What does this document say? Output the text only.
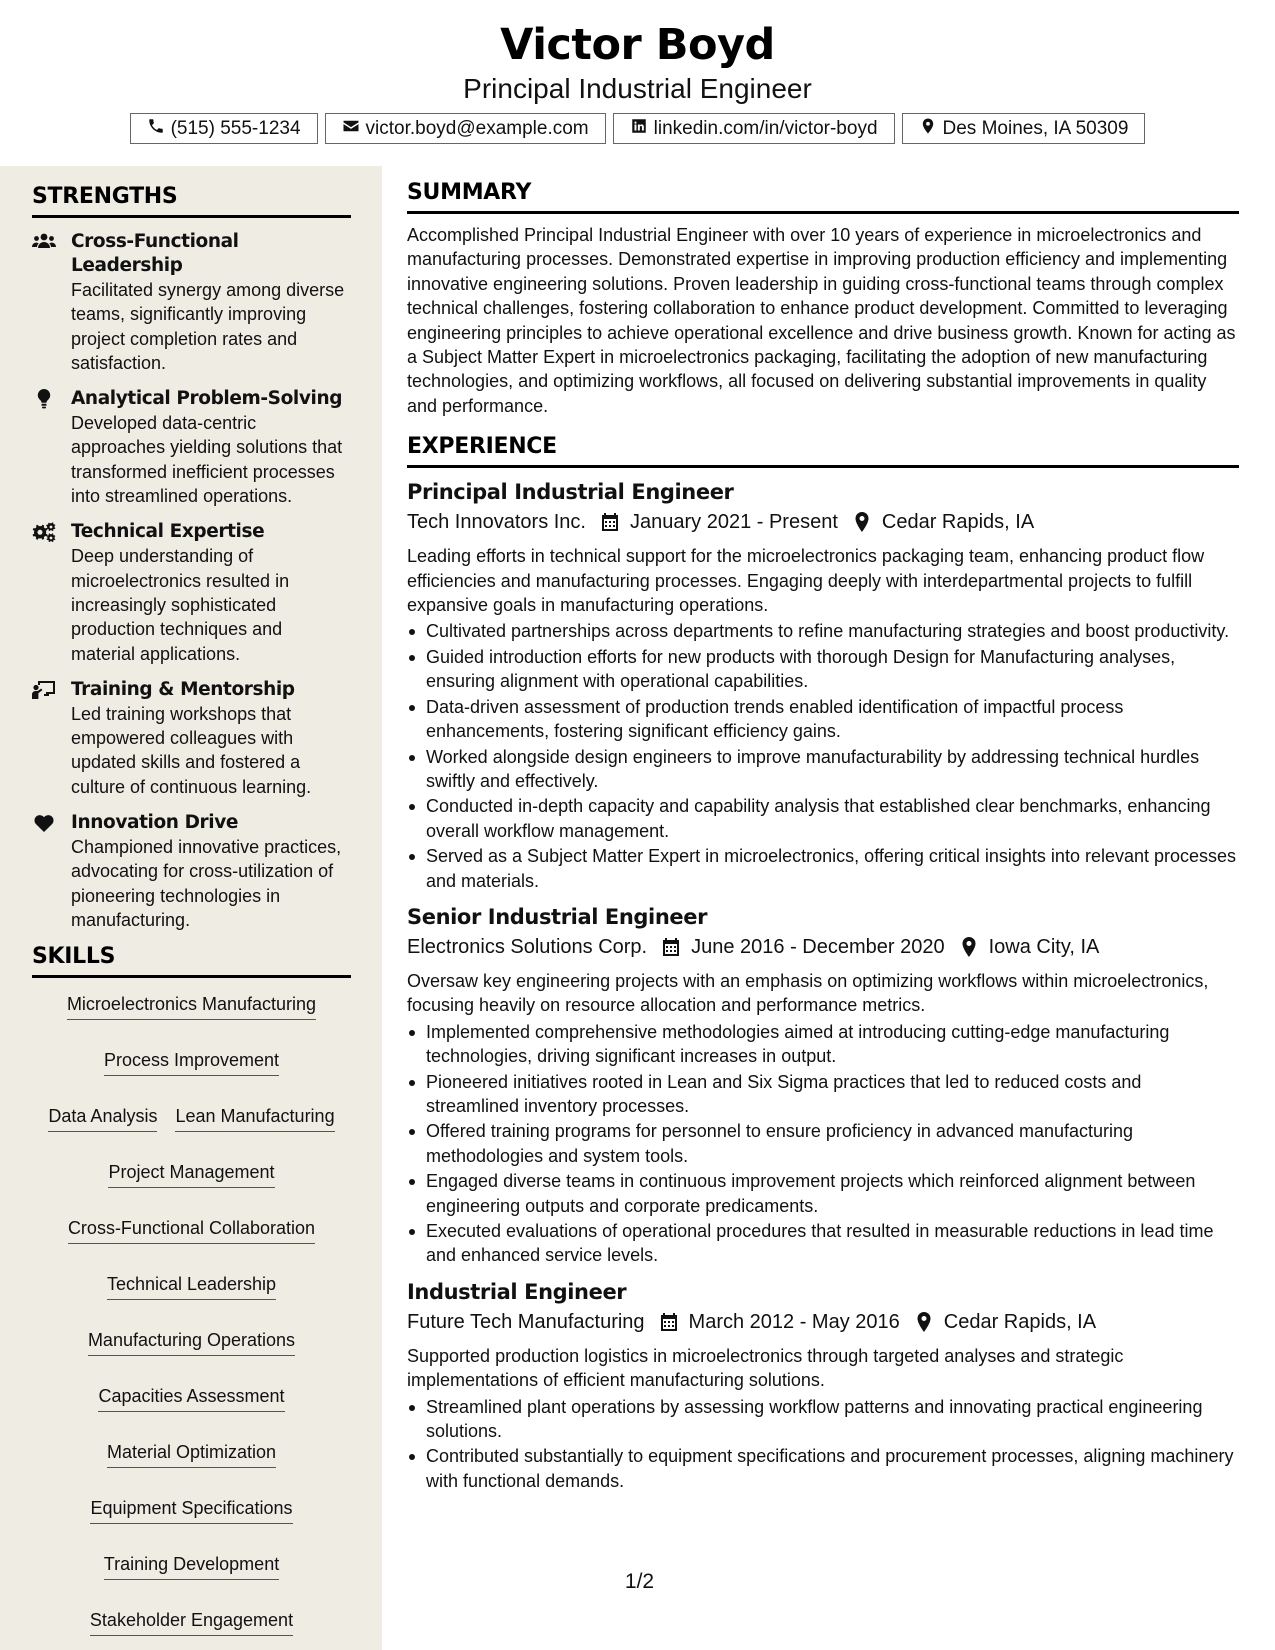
Victor Boyd
Principal Industrial Engineer
(515) 555-1234	victor.boyd@example.com	linkedin.com/in/victor-boyd	Des Moines, IA 50309
STRENGTHS
Cross-Functional Leadership
Facilitated synergy among diverse teams, significantly improving project completion rates and satisfaction.
Analytical Problem-Solving
Developed data-centric approaches yielding solutions that transformed inefficient processes into streamlined operations.
Technical Expertise
Deep understanding of microelectronics resulted in increasingly sophisticated production techniques and material applications.
Training & Mentorship
Led training workshops that empowered colleagues with updated skills and fostered a culture of continuous learning.
Innovation Drive
Championed innovative practices, advocating for cross-utilization of pioneering technologies in manufacturing.
SKILLS
Microelectronics Manufacturing
Process Improvement
Data Analysis Lean Manufacturing
Project Management
Cross-Functional Collaboration
Technical Leadership
Manufacturing Operations
Capacities Assessment
Material Optimization
Equipment Specifications
Training Development
Stakeholder Engagement
SUMMARY

Accomplished Principal Industrial Engineer with over 10 years of experience in microelectronics and manufacturing processes. Demonstrated expertise in improving production efficiency and implementing innovative engineering solutions. Proven leadership in guiding cross-functional teams through complex technical challenges, fostering collaboration to enhance product development. Committed to leveraging engineering principles to achieve operational excellence and drive business growth. Known for acting as a Subject Matter Expert in microelectronics packaging, facilitating the adoption of new manufacturing technologies, and optimizing workflows, all focused on delivering substantial improvements in quality and performance.

EXPERIENCE
Principal Industrial Engineer
Tech Innovators Inc. January 2021 - Present Cedar Rapids, IA

Leading efforts in technical support for the microelectronics packaging team, enhancing product flow efficiencies and manufacturing processes. Engaging deeply with interdepartmental projects to fulfill expansive goals in manufacturing operations.

Cultivated partnerships across departments to refine manufacturing strategies and boost productivity.
Guided introduction efforts for new products with thorough Design for Manufacturing analyses, ensuring alignment with operational capabilities.
Data-driven assessment of production trends enabled identification of impactful process enhancements, fostering significant efficiency gains.
Worked alongside design engineers to improve manufacturability by addressing technical hurdles swiftly and effectively.
Conducted in-depth capacity and capability analysis that established clear benchmarks, enhancing overall workflow management.
Served as a Subject Matter Expert in microelectronics, offering critical insights into relevant processes and materials.
Senior Industrial Engineer
Electronics Solutions Corp. June 2016 - December 2020 Iowa City, IA

Oversaw key engineering projects with an emphasis on optimizing workflows within microelectronics, focusing heavily on resource allocation and performance metrics.

Implemented comprehensive methodologies aimed at introducing cutting-edge manufacturing technologies, driving significant increases in output.
Pioneered initiatives rooted in Lean and Six Sigma practices that led to reduced costs and streamlined inventory processes.
Offered training programs for personnel to ensure proficiency in advanced manufacturing methodologies and system tools.
Engaged diverse teams in continuous improvement projects which reinforced alignment between engineering outputs and corporate predicaments.
Executed evaluations of operational procedures that resulted in measurable reductions in lead time and enhanced service levels.
Industrial Engineer
Future Tech Manufacturing March 2012 - May 2016 Cedar Rapids, IA

Supported production logistics in microelectronics through targeted analyses and strategic implementations of efficient manufacturing solutions.

Streamlined plant operations by assessing workflow patterns and innovating practical engineering solutions.
Contributed substantially to equipment specifications and procurement processes, aligning machinery with functional demands.
1/2
